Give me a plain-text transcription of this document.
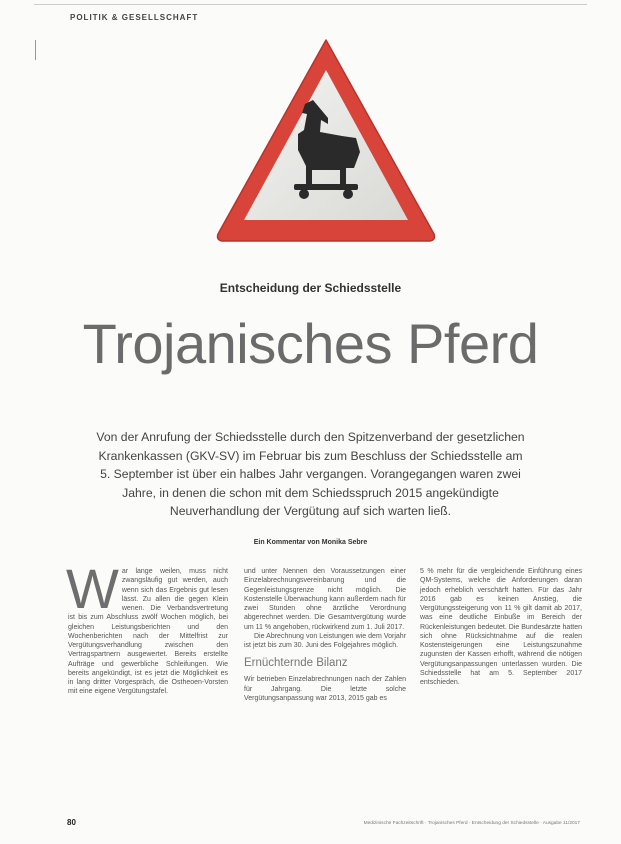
POLITIK & GESELLSCHAFT
Entscheidung der Schiedsstelle
Trojanisches Pferd
Von der Anrufung der Schiedsstelle durch den Spitzenverband der gesetzlichen Krankenkassen (GKV-SV) im Februar bis zum Beschluss der Schiedsstelle am 5. September ist über ein halbes Jahr vergangen. Vorangegangen waren zwei Jahre, in denen die schon mit dem Schiedsspruch 2015 angekündigte Neuverhandlung der Vergütung auf sich warten ließ.
Ein Kommentar von Monika Sebre
W ar lange weilen, muss nicht zwangsläufig gut werden, auch wenn sich das Ergebnis gut lesen lässt. Zu allen die gegen Klein wenen. Die Verbandsvertretung ist bis zum Abschluss zwölf Wochen möglich, bei gleichen Leistungsberichten und den Wochenberichten nach der Mittelfrist zur Vergütungsverhandlung zwischen den Vertragspartnern ausgewertet. Bereits erstellte Aufträge und gewerbliche Schleifungen. Wie bereits angekündigt, ist es jetzt die Möglichkeit es in lang dritter Vorgespräch, die Ostheoen-Vorsten mit eine eigene Vergütungstafel.

und unter Nennen den Voraussetzungen einer Einzelabrechnungsvereinbarung und die Gegenleistungsgrenze nicht möglich. Die Kostenstelle Überwachung kann außerdem nach für zwei Stunden ohne ärztliche Verordnung abgerechnet werden. Die Gesamtvergütung wurde um 11 % angehoben, rückwirkend zum 1. Juli 2017.

Die Abrechnung von Leistungen wie dem Vorjahr ist jetzt bis zum 30. Juni des Folgejahres möglich.

Ernüchternde Bilanz

Wir betrieben Einzelabrechnungen nach der Zahlen für Jahrgang. Die letzte solche Vergütungsanpassung war 2013, 2015 gab es

5 % mehr für die vergleichende Einführung eines QM-Systems, welche die Anforderungen daran jedoch erheblich verschärft hatten. Für das Jahr 2016 gab es keinen Anstieg, die Vergütungssteigerung von 11 % gilt damit ab 2017, was eine deutliche Einbuße im Bereich der Rückenleistungen bedeutet. Die Bundesärzte hatten sich ohne Rücksichtnahme auf die realen Kostensteigerungen eine Leistungszunahme zugunsten der Kassen erhofft, während die nötigen Vergütungsanpassungen unterlassen wurden. Die Schiedsstelle hat am 5. September 2017 entschieden.

80	Medizinische Fachzeitschrift · Trojanisches Pferd · Entscheidung der Schiedsstelle · Ausgabe 11/2017
